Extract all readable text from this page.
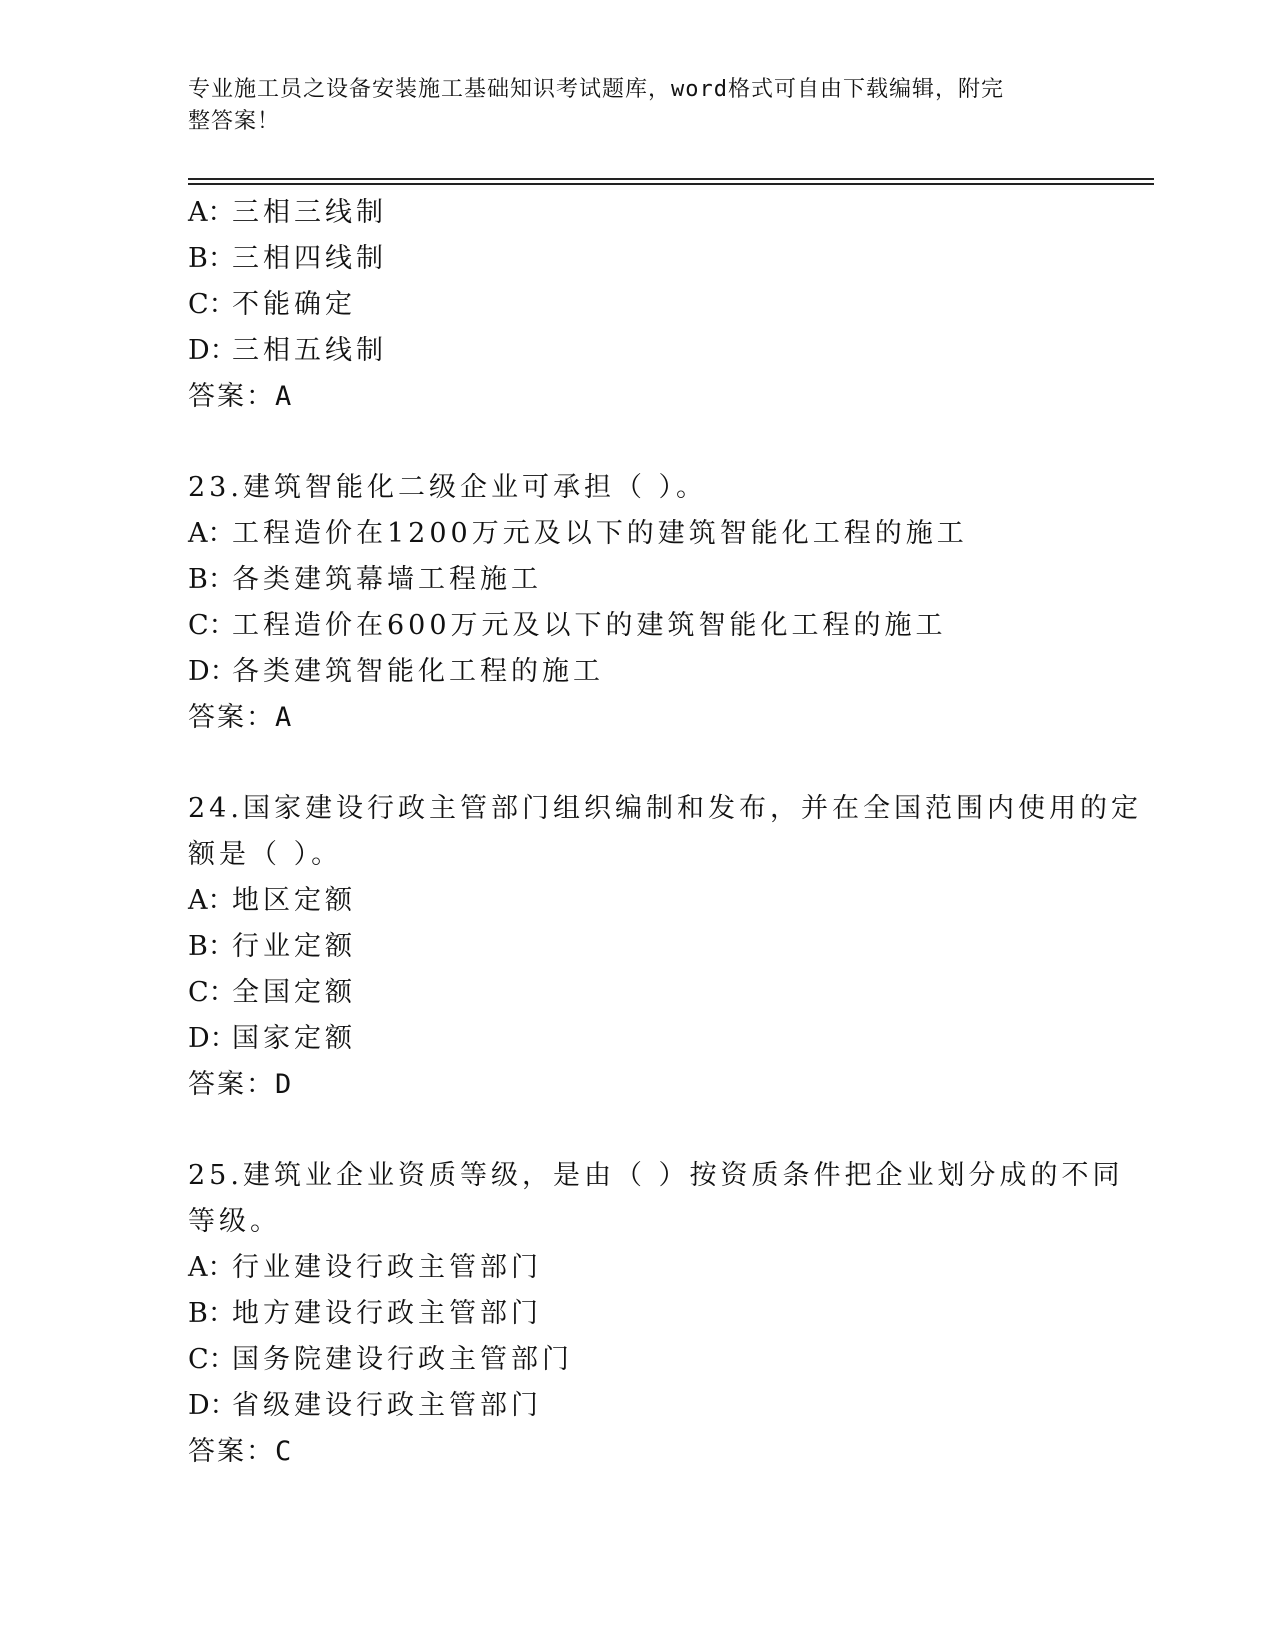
专业施工员之设备安装施工基础知识考试题库，word格式可自由下载编辑，附完
整答案！
A：三相三线制
B：三相四线制
C：不能确定
D：三相五线制
答案：A
23.建筑智能化二级企业可承担（ ）。
A：工程造价在1200万元及以下的建筑智能化工程的施工
B：各类建筑幕墙工程施工
C：工程造价在600万元及以下的建筑智能化工程的施工
D：各类建筑智能化工程的施工
答案：A
24.国家建设行政主管部门组织编制和发布，并在全国范围内使用的定
额是（ ）。
A：地区定额
B：行业定额
C：全国定额
D：国家定额
答案：D
25.建筑业企业资质等级，是由（ ）按资质条件把企业划分成的不同
等级。
A：行业建设行政主管部门
B：地方建设行政主管部门
C：国务院建设行政主管部门
D：省级建设行政主管部门
答案：C
